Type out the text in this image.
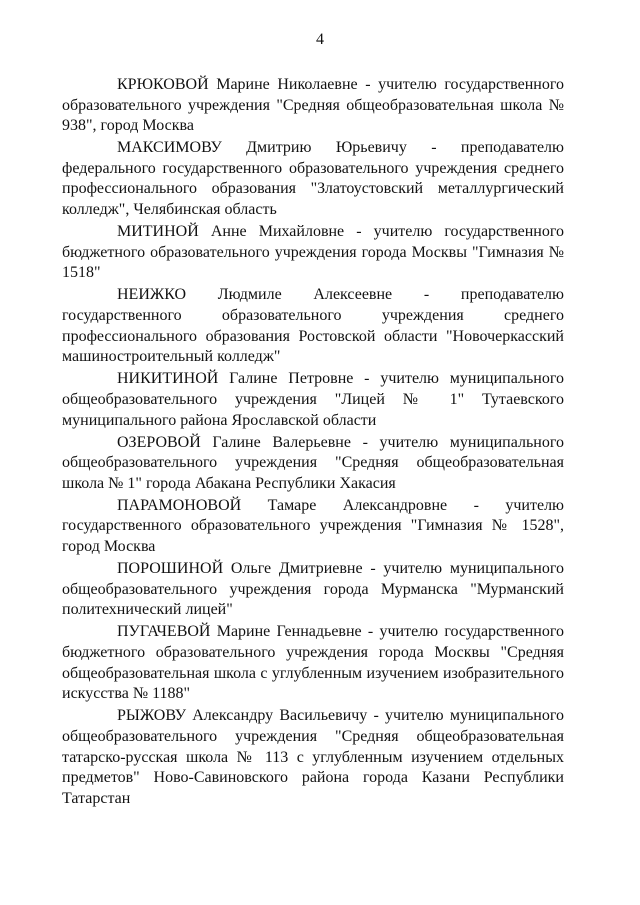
4

КРЮКОВОЙ Марине Николаевне - учителю государственного образовательного учреждения "Средняя общеобразовательная школа № 938", город Москва

МАКСИМОВУ Дмитрию Юрьевичу - преподавателю федерального государственного образовательного учреждения среднего профессионального образования "Златоустовский металлургический колледж", Челябинская область

МИТИНОЙ Анне Михайловне - учителю государственного бюджетного образовательного учреждения города Москвы "Гимназия № 1518"

НЕИЖКО Людмиле Алексеевне - преподавателю государственного образовательного учреждения среднего профессионального образования Ростовской области "Новочеркасский машиностроительный колледж"

НИКИТИНОЙ Галине Петровне - учителю муниципального общеобразовательного учреждения "Лицей № 1" Тутаевского муниципального района Ярославской области

ОЗЕРОВОЙ Галине Валерьевне - учителю муниципального общеобразовательного учреждения "Средняя общеобразовательная школа № 1" города Абакана Республики Хакасия

ПАРАМОНОВОЙ Тамаре Александровне - учителю государственного образовательного учреждения "Гимназия № 1528", город Москва

ПОРОШИНОЙ Ольге Дмитриевне - учителю муниципального общеобразовательного учреждения города Мурманска "Мурманский политехнический лицей"

ПУГАЧЕВОЙ Марине Геннадьевне - учителю государственного бюджетного образовательного учреждения города Москвы "Средняя общеобразовательная школа с углубленным изучением изобразительного искусства № 1188"

РЫЖОВУ Александру Васильевичу - учителю муниципального общеобразовательного учреждения "Средняя общеобразовательная татарско-русская школа № 113 с углубленным изучением отдельных предметов" Ново-Савиновского района города Казани Республики Татарстан
